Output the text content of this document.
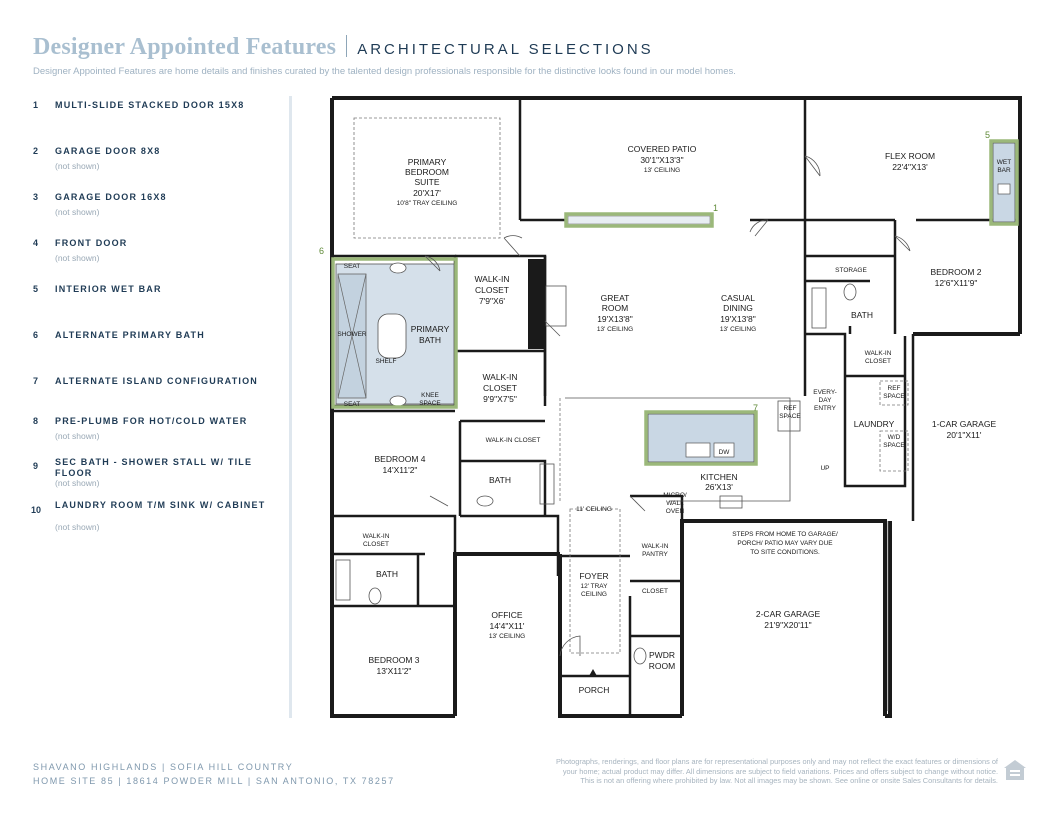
Designer Appointed Features ARCHITECTURAL SELECTIONS
Designer Appointed Features are home details and finishes curated by the talented design professionals responsible for the distinctive looks found in our model homes.
1 MULTI-SLIDE STACKED DOOR 15X8
2 GARAGE DOOR 8X8
(not shown)
3 GARAGE DOOR 16X8
(not shown)
4 FRONT DOOR
(not shown)
5 INTERIOR WET BAR
6 ALTERNATE PRIMARY BATH
7 ALTERNATE ISLAND CONFIGURATION
8 PRE-PLUMB FOR HOT/COLD WATER
(not shown)
9 SEC BATH - SHOWER STALL W/ TILE FLOOR
(not shown)
10 LAUNDRY ROOM T/M SINK W/ CABINET
(not shown)
1
5
6
7
PRIMARY
BEDROOM
SUITE
20'X17'
10'8" TRAY CEILING
COVERED PATIO
30'1"X13'3"
13' CEILING
FLEX ROOM
22'4"X13'	WET
BAR
SEAT
SEAT
SHOWER
SHELF
KNEE
SPACE
PRIMARY
BATH
WALK-IN
CLOSET
7'9"X6'
WALK-IN
CLOSET
9'9"X7'5"
GREAT
ROOM
19'X13'8"
13' CEILING
CASUAL
DINING
19'X13'8"
13' CEILING
STORAGE	BEDROOM 2
12'6"X11'9"
BATH
WALK-IN
CLOSET
EVERY-
DAY
ENTRY
REF
SPACE
LAUNDRY
W/D
SPACE
1-CAR GARAGE
20'1"X11'
UP
REF
SPACE
DW
KITCHEN
26'X13'
BEDROOM 4
14'X11'2"
WALK-IN CLOSET
BATH
MICRO/
WALL
OVEN
11' CEILING
STEPS FROM HOME TO GARAGE/
PORCH/ PATIO MAY VARY DUE
TO SITE CONDITIONS.
WALK-IN
PANTRY
FOYER
12' TRAY
CEILING	CLOSET
OFFICE
14'4"X11'
13' CEILING
2-CAR GARAGE
21'9"X20'11"
PWDR
ROOM
WALK-IN
CLOSET
BATH
BEDROOM 3
13'X11'2"
PORCH
SHAVANO HIGHLANDS | SOFIA HILL COUNTRY
HOME SITE 85 | 18614 POWDER MILL | SAN ANTONIO, TX 78257
Photographs, renderings, and floor plans are for representational purposes only and may not reflect the exact features or dimensions of
your home; actual product may differ. All dimensions are subject to field variations. Prices and offers subject to change without notice.
This is not an offering where prohibited by law. Not all images may be shown. See online or onsite Sales Consultants for details.
